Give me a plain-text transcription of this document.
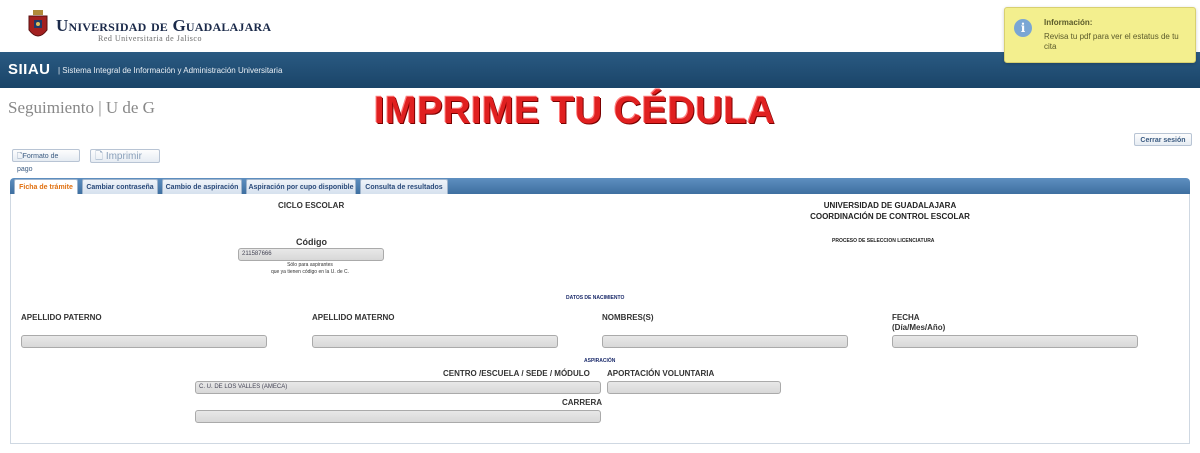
Universidad de Guadalajara
Red Universitaria de Jalisco
SIIAU | Sistema Integral de Información y Administración Universitaria
i	Información:
Revisa tu pdf para ver el estatus de tu cita
Seguimiento | U de G	IMPRIME TU CÉDULA
🗋Formato de pago
🗋 Imprimir
Cerrar sesión
Ficha de trámite	Cambiar contraseña	Cambio de aspiración	Aspiración por cupo disponible	Consulta de resultados
CICLO ESCOLAR	UNIVERSIDAD DE GUADALAJARA
COORDINACIÓN DE CONTROL ESCOLAR
PROCESO DE SELECCION LICENCIATURA
Código
211587666
Sólo para aspirantes
que ya tienen código en la U. de C.
DATOS DE NACIMIENTO
APELLIDO PATERNO	APELLIDO MATERNO	NOMBRES(S)	FECHA
(Día/Mes/Año)
ASPIRACIÓN
CENTRO /ESCUELA / SEDE / MÓDULO APORTACIÓN VOLUNTARIA
C. U. DE LOS VALLES (AMECA)
CARRERA
